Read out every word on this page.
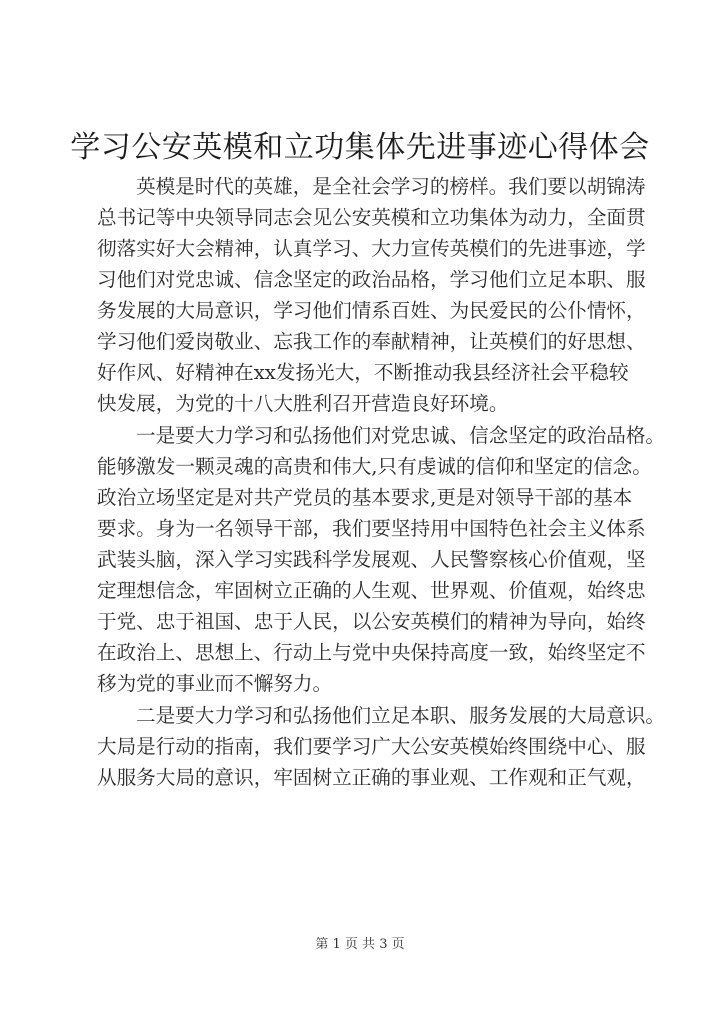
学习公安英模和立功集体先进事迹心得体会
英模是时代的英雄，是全社会学习的榜样。我们要以胡锦涛
总书记等中央领导同志会见公安英模和立功集体为动力，全面贯
彻落实好大会精神，认真学习、大力宣传英模们的先进事迹，学
习他们对党忠诚、信念坚定的政治品格，学习他们立足本职、服
务发展的大局意识，学习他们情系百姓、为民爱民的公仆情怀，
学习他们爱岗敬业、忘我工作的奉献精神，让英模们的好思想、
好作风、好精神在xx发扬光大，不断推动我县经济社会平稳较
快发展，为党的十八大胜利召开营造良好环境。
一是要大力学习和弘扬他们对党忠诚、信念坚定的政治品格。
能够激发一颗灵魂的高贵和伟大,只有虔诚的信仰和坚定的信念。
政治立场坚定是对共产党员的基本要求,更是对领导干部的基本
要求。身为一名领导干部，我们要坚持用中国特色社会主义体系
武装头脑，深入学习实践科学发展观、人民警察核心价值观，坚
定理想信念，牢固树立正确的人生观、世界观、价值观，始终忠
于党、忠于祖国、忠于人民，以公安英模们的精神为导向，始终
在政治上、思想上、行动上与党中央保持高度一致，始终坚定不
移为党的事业而不懈努力。
二是要大力学习和弘扬他们立足本职、服务发展的大局意识。
大局是行动的指南，我们要学习广大公安英模始终围绕中心、服
从服务大局的意识，牢固树立正确的事业观、工作观和正气观，
第 1 页 共 3 页
